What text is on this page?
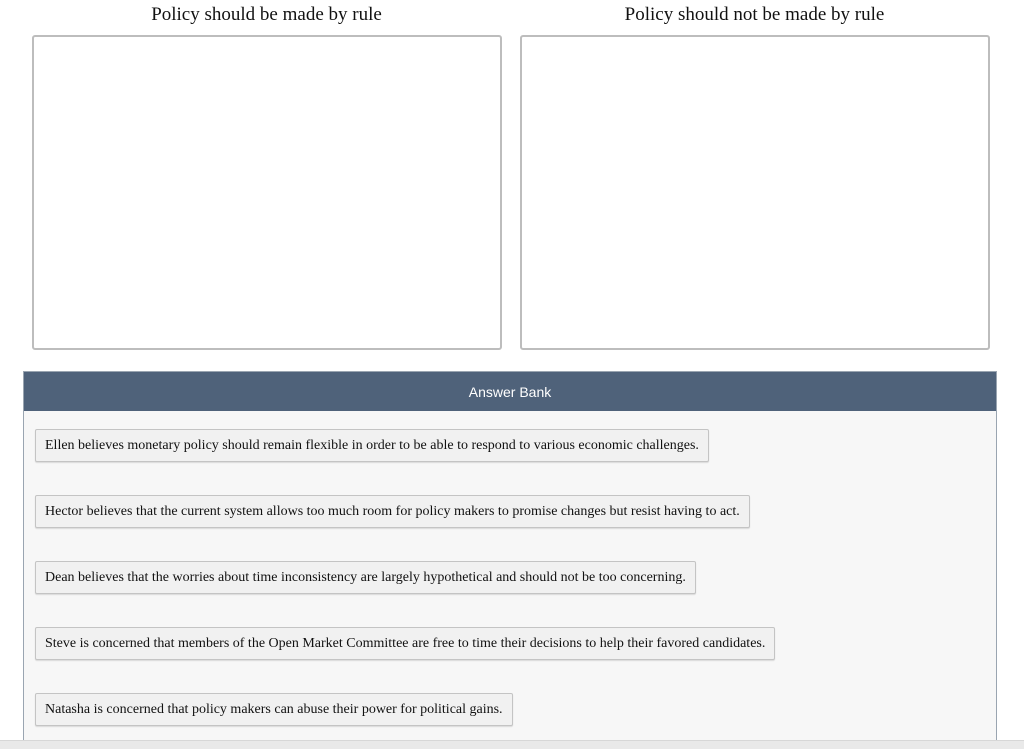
Policy should be made by rule	Policy should not be made by rule
Answer Bank
Ellen believes monetary policy should remain flexible in order to be able to respond to various economic challenges.
Hector believes that the current system allows too much room for policy makers to promise changes but resist having to act.
Dean believes that the worries about time inconsistency are largely hypothetical and should not be too concerning.
Steve is concerned that members of the Open Market Committee are free to time their decisions to help their favored candidates.
Natasha is concerned that policy makers can abuse their power for political gains.
